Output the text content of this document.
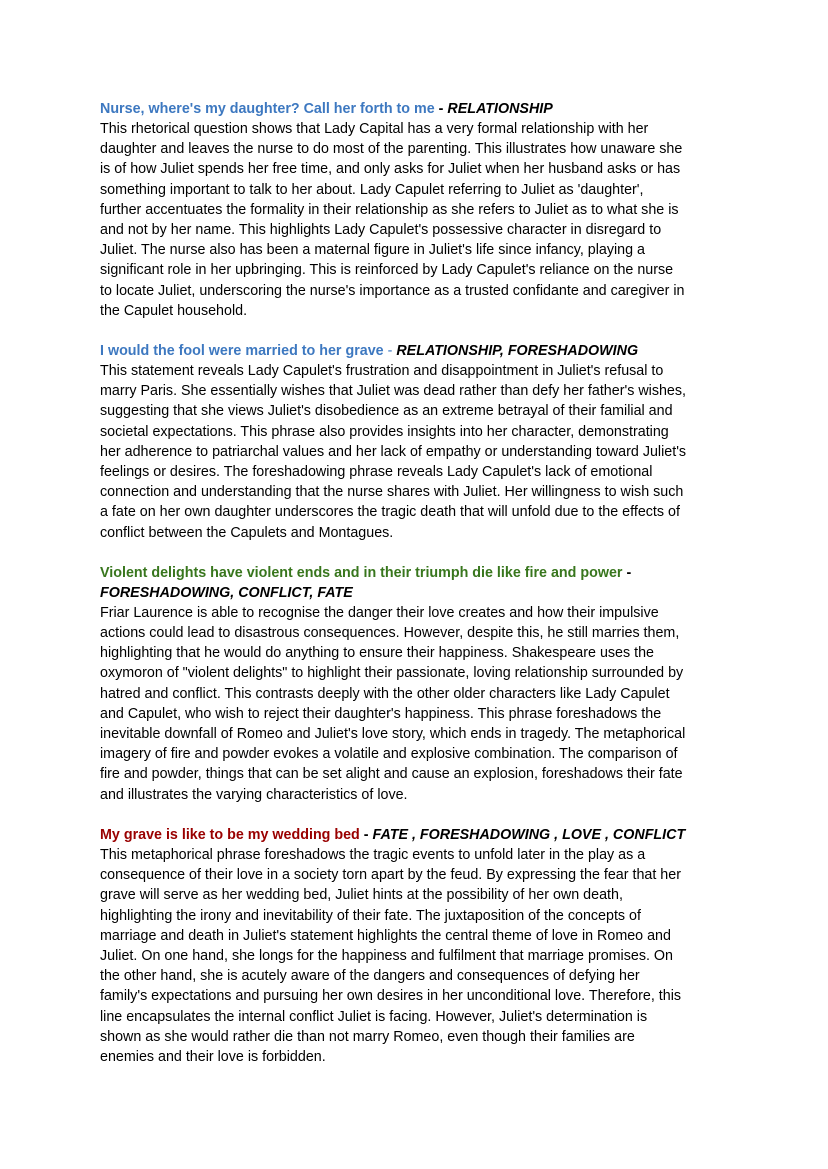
Nurse, where's my daughter? Call her forth to me - RELATIONSHIP

This rhetorical question shows that Lady Capital has a very formal relationship with her
daughter and leaves the nurse to do most of the parenting. This illustrates how unaware she
is of how Juliet spends her free time, and only asks for Juliet when her husband asks or has
something important to talk to her about. Lady Capulet referring to Juliet as 'daughter',
further accentuates the formality in their relationship as she refers to Juliet as to what she is
and not by her name. This highlights Lady Capulet's possessive character in disregard to
Juliet. The nurse also has been a maternal figure in Juliet's life since infancy, playing a
significant role in her upbringing. This is reinforced by Lady Capulet's reliance on the nurse
to locate Juliet, underscoring the nurse's importance as a trusted confidante and caregiver in
the Capulet household.

I would the fool were married to her grave - RELATIONSHIP, FORESHADOWING

This statement reveals Lady Capulet's frustration and disappointment in Juliet's refusal to
marry Paris. She essentially wishes that Juliet was dead rather than defy her father's wishes,
suggesting that she views Juliet's disobedience as an extreme betrayal of their familial and
societal expectations. This phrase also provides insights into her character, demonstrating
her adherence to patriarchal values and her lack of empathy or understanding toward Juliet's
feelings or desires. The foreshadowing phrase reveals Lady Capulet's lack of emotional
connection and understanding that the nurse shares with Juliet. Her willingness to wish such
a fate on her own daughter underscores the tragic death that will unfold due to the effects of
conflict between the Capulets and Montagues.

Violent delights have violent ends and in their triumph die like fire and power -
FORESHADOWING, CONFLICT, FATE

Friar Laurence is able to recognise the danger their love creates and how their impulsive
actions could lead to disastrous consequences. However, despite this, he still marries them,
highlighting that he would do anything to ensure their happiness. Shakespeare uses the
oxymoron of "violent delights" to highlight their passionate, loving relationship surrounded by
hatred and conflict. This contrasts deeply with the other older characters like Lady Capulet
and Capulet, who wish to reject their daughter's happiness. This phrase foreshadows the
inevitable downfall of Romeo and Juliet's love story, which ends in tragedy. The metaphorical
imagery of fire and powder evokes a volatile and explosive combination. The comparison of
fire and powder, things that can be set alight and cause an explosion, foreshadows their fate
and illustrates the varying characteristics of love.

My grave is like to be my wedding bed - FATE , FORESHADOWING , LOVE , CONFLICT

This metaphorical phrase foreshadows the tragic events to unfold later in the play as a
consequence of their love in a society torn apart by the feud. By expressing the fear that her
grave will serve as her wedding bed, Juliet hints at the possibility of her own death,
highlighting the irony and inevitability of their fate. The juxtaposition of the concepts of
marriage and death in Juliet's statement highlights the central theme of love in Romeo and
Juliet. On one hand, she longs for the happiness and fulfilment that marriage promises. On
the other hand, she is acutely aware of the dangers and consequences of defying her
family's expectations and pursuing her own desires in her unconditional love. Therefore, this
line encapsulates the internal conflict Juliet is facing. However, Juliet's determination is
shown as she would rather die than not marry Romeo, even though their families are
enemies and their love is forbidden.
